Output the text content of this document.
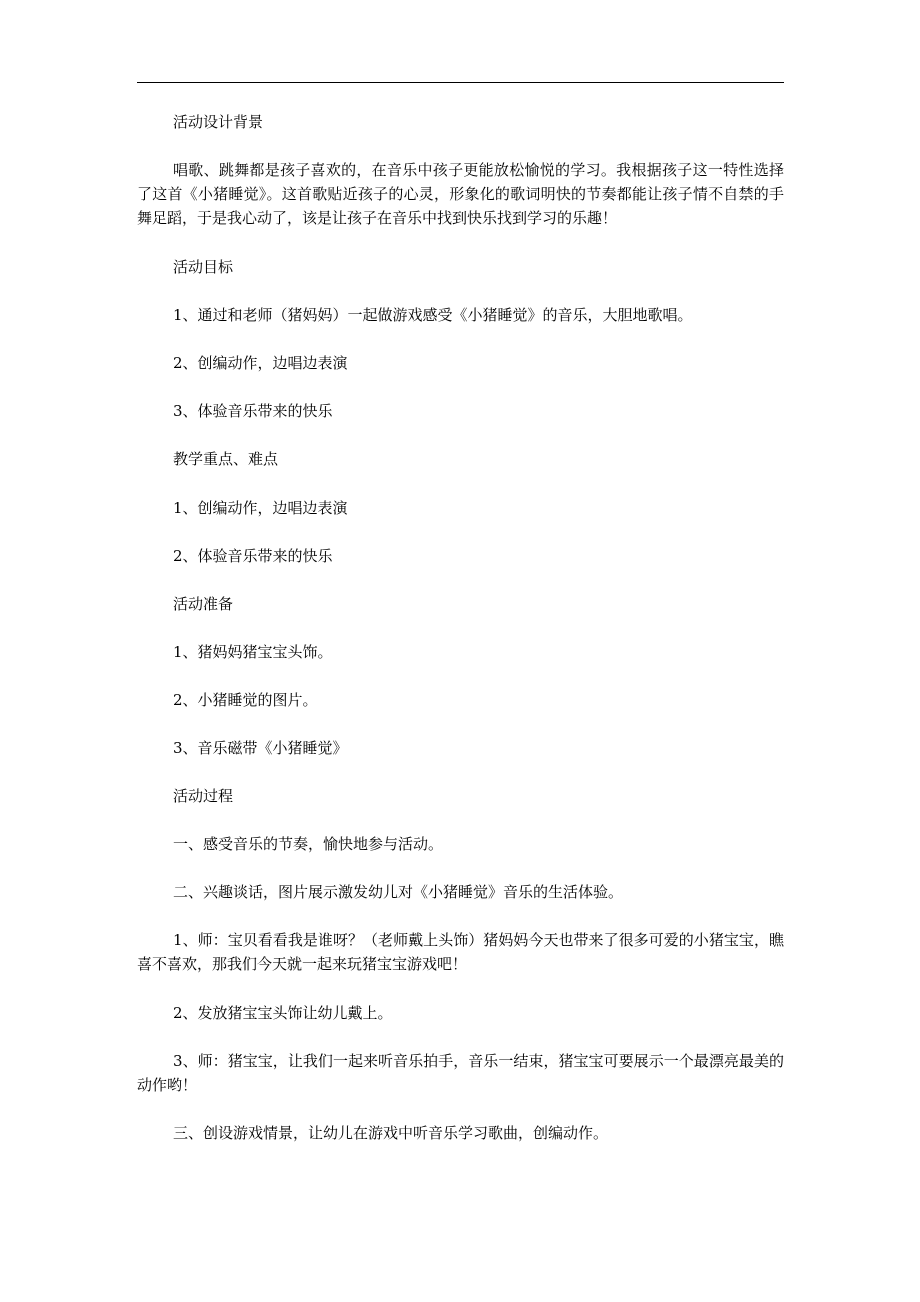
活动设计背景

唱歌、跳舞都是孩子喜欢的，在音乐中孩子更能放松愉悦的学习。我根据孩子这一特性选择了这首《小猪睡觉》。这首歌贴近孩子的心灵，形象化的歌词明快的节奏都能让孩子情不自禁的手舞足蹈，于是我心动了，该是让孩子在音乐中找到快乐找到学习的乐趣！

活动目标

1、通过和老师（猪妈妈）一起做游戏感受《小猪睡觉》的音乐，大胆地歌唱。

2、创编动作，边唱边表演

3、体验音乐带来的快乐

教学重点、难点

1、创编动作，边唱边表演

2、体验音乐带来的快乐

活动准备

1、猪妈妈猪宝宝头饰。

2、小猪睡觉的图片。

3、音乐磁带《小猪睡觉》

活动过程

一、感受音乐的节奏，愉快地参与活动。

二、兴趣谈话，图片展示激发幼儿对《小猪睡觉》音乐的生活体验。

1、师：宝贝看看我是谁呀？（老师戴上头饰）猪妈妈今天也带来了很多可爱的小猪宝宝，瞧喜不喜欢，那我们今天就一起来玩猪宝宝游戏吧！

2、发放猪宝宝头饰让幼儿戴上。

3、师：猪宝宝，让我们一起来听音乐拍手，音乐一结束，猪宝宝可要展示一个最漂亮最美的动作哟！

三、创设游戏情景，让幼儿在游戏中听音乐学习歌曲，创编动作。
